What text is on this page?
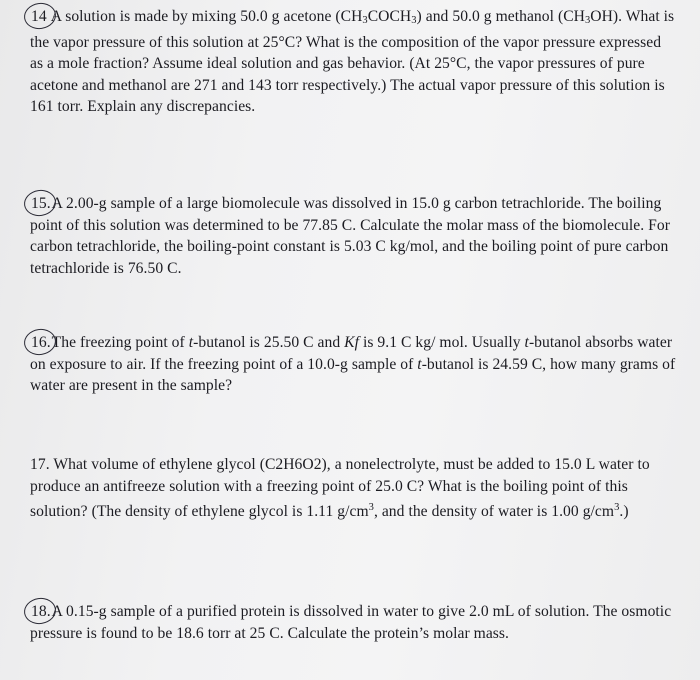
14 A solution is made by mixing 50.0 g acetone (CH3COCH3) and 50.0 g methanol (CH3OH). What is the vapor pressure of this solution at 25°C? What is the composition of the vapor pressure expressed as a mole fraction? Assume ideal solution and gas behavior. (At 25°C, the vapor pressures of pure acetone and methanol are 271 and 143 torr respectively.) The actual vapor pressure of this solution is 161 torr. Explain any discrepancies.

15.A 2.00-g sample of a large biomolecule was dissolved in 15.0 g carbon tetrachloride. The boiling point of this solution was determined to be 77.85 C. Calculate the molar mass of the biomolecule. For carbon tetrachloride, the boiling-point constant is 5.03 C kg/mol, and the boiling point of pure carbon tetrachloride is 76.50 C.

16.The freezing point of t-butanol is 25.50 C and Kf is 9.1 C kg/ mol. Usually t-butanol absorbs water on exposure to air. If the freezing point of a 10.0-g sample of t-butanol is 24.59 C, how many grams of water are present in the sample?

17. What volume of ethylene glycol (C2H6O2), a nonelectrolyte, must be added to 15.0 L water to produce an antifreeze solution with a freezing point of 25.0 C? What is the boiling point of this solution? (The density of ethylene glycol is 1.11 $g/cm^3$, and the density of water is 1.00 $g/cm^3$.)

18.A 0.15-g sample of a purified protein is dissolved in water to give 2.0 mL of solution. The osmotic pressure is found to be 18.6 torr at 25 C. Calculate the protein’s molar mass.
